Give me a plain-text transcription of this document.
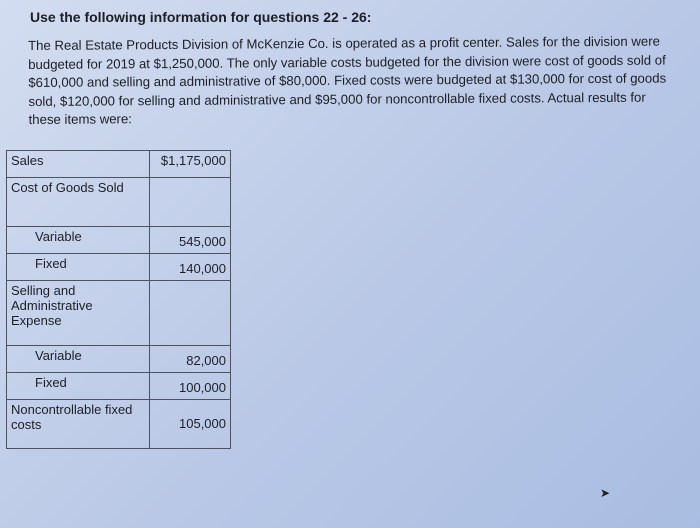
Use the following information for questions 22 - 26:
The Real Estate Products Division of McKenzie Co. is operated as a profit center. Sales for the division were budgeted for 2019 at $1,250,000. The only variable costs budgeted for the division were cost of goods sold of $610,000 and selling and administrative of $80,000. Fixed costs were budgeted at $130,000 for cost of goods sold, $120,000 for selling and administrative and $95,000 for noncontrollable fixed costs. Actual results for these items were:
Sales	$1,175,000
Cost of Goods Sold	
Variable	545,000
Fixed	140,000
Selling and Administrative Expense	
Variable	82,000
Fixed	100,000
Noncontrollable fixed costs	105,000
➤
